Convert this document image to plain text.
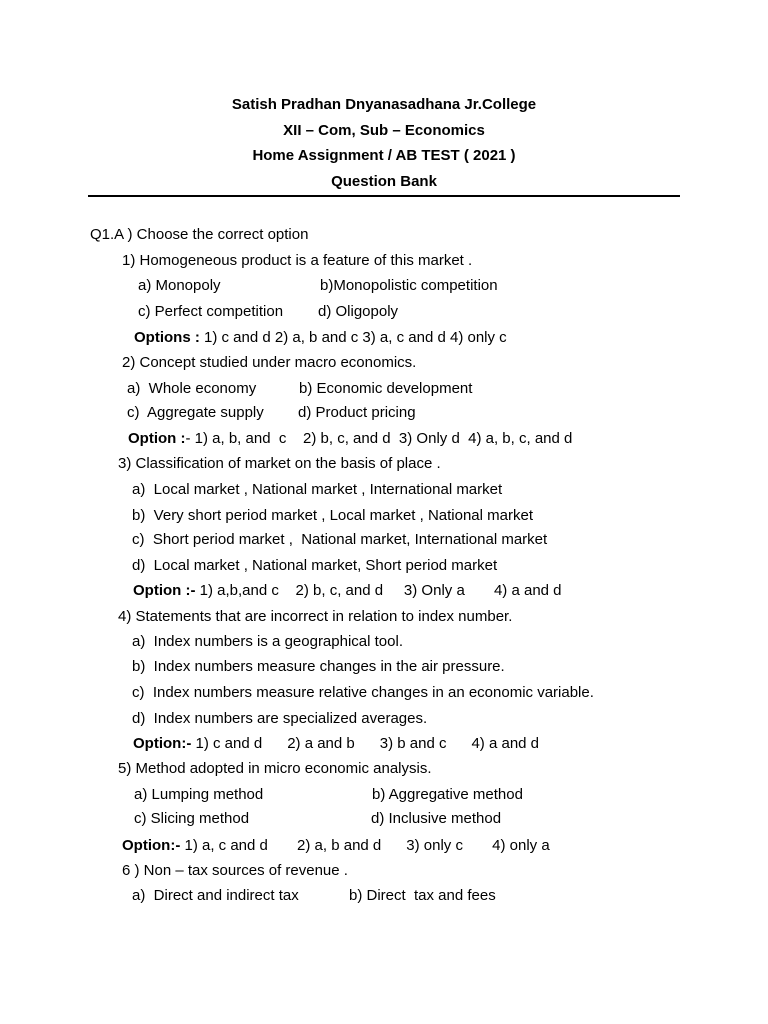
Satish Pradhan Dnyanasadhana Jr.College
XII – Com, Sub – Economics
Home Assignment / AB TEST ( 2021 )
Question Bank
Q1.A ) Choose the correct option
1) Homogeneous product is a feature of this market .
a) Monopoly	b)Monopolistic competition
c) Perfect competition d) Oligopoly
Options : 1) c and d 2) a, b and c 3) a, c and d 4) only c
2) Concept studied under macro economics.
a)  Whole economy	b) Economic development
c)  Aggregate supply d) Product pricing
Option :- 1) a, b, and  c    2) b, c, and d  3) Only d  4) a, b, c, and d
3) Classification of market on the basis of place .
a)  Local market , National market , International market
b)  Very short period market , Local market , National market
c)  Short period market ,  National market, International market
d)  Local market , National market, Short period market
Option :- 1) a,b,and c    2) b, c, and d     3) Only a       4) a and d
4) Statements that are incorrect in relation to index number.
a)  Index numbers is a geographical tool.
b)  Index numbers measure changes in the air pressure.
c)  Index numbers measure relative changes in an economic variable.
d)  Index numbers are specialized averages.
Option:- 1) c and d      2) a and b      3) b and c      4) a and d
5) Method adopted in micro economic analysis.
a) Lumping method	b) Aggregative method
c) Slicing method	d) Inclusive method
Option:- 1) a, c and d       2) a, b and d      3) only c       4) only a
6 ) Non – tax sources of revenue .
a)  Direct and indirect tax	b) Direct  tax and fees
